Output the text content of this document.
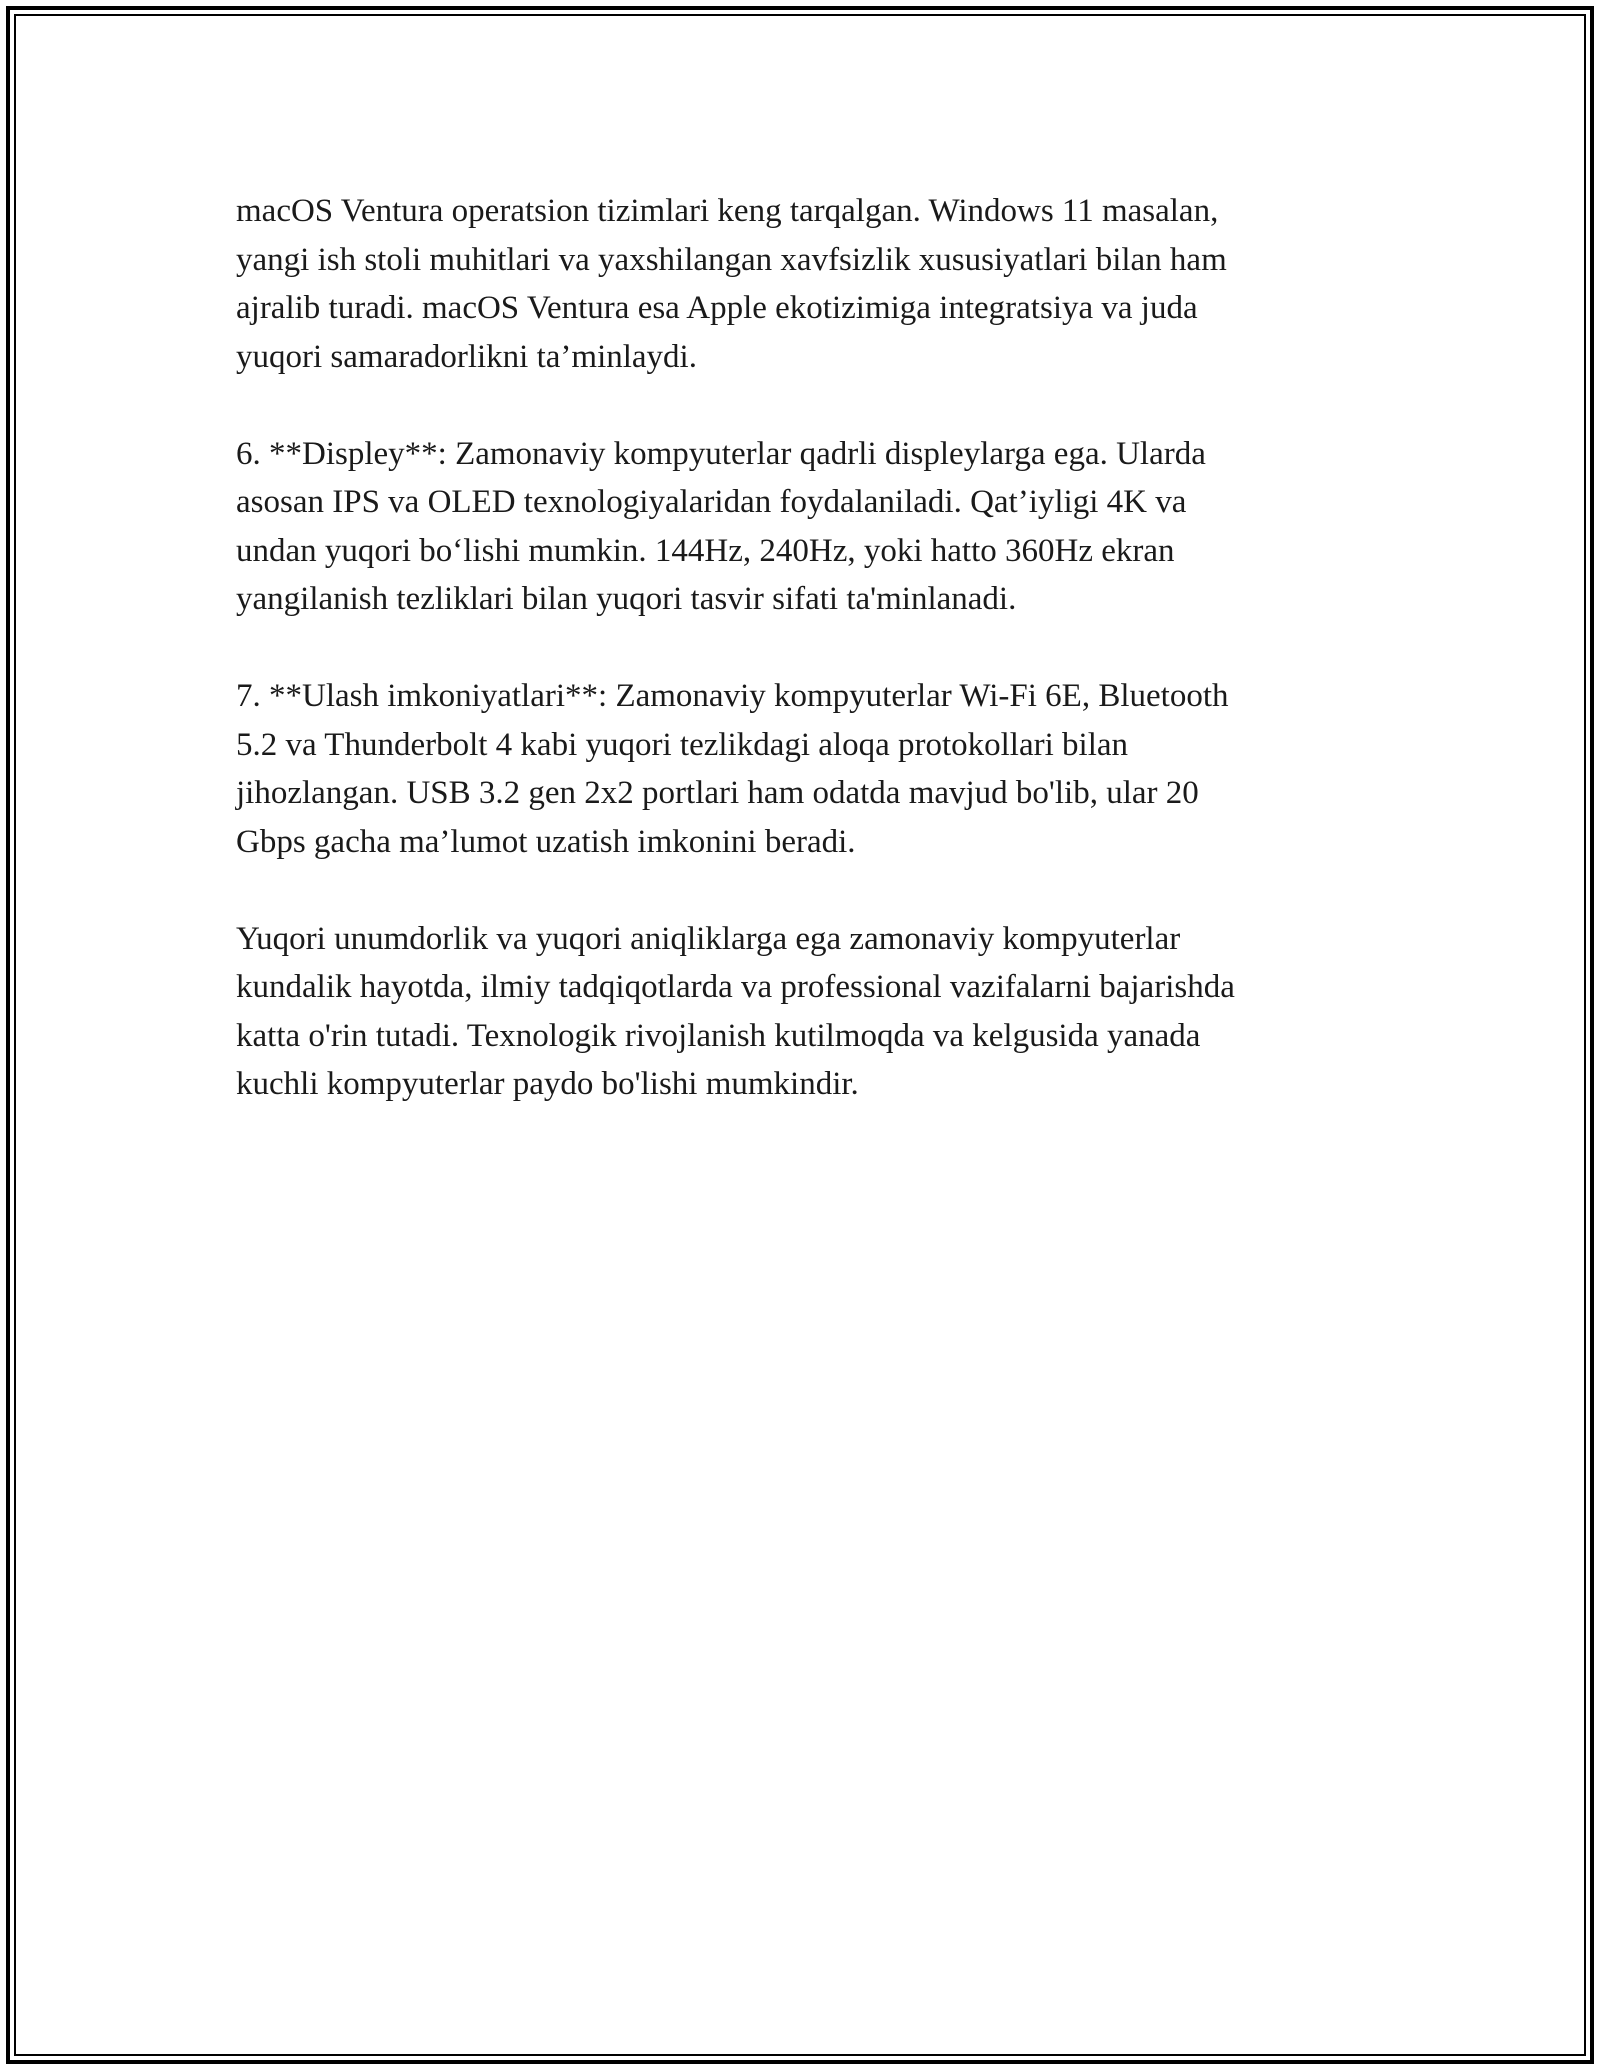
macOS Ventura operatsion tizimlari keng tarqalgan. Windows 11 masalan,
yangi ish stoli muhitlari va yaxshilangan xavfsizlik xususiyatlari bilan ham
ajralib turadi. macOS Ventura esa Apple ekotizimiga integratsiya va juda
yuqori samaradorlikni ta’minlaydi.

6. **Displey**: Zamonaviy kompyuterlar qadrli displeylarga ega. Ularda
asosan IPS va OLED texnologiyalaridan foydalaniladi. Qat’iyligi 4K va
undan yuqori bo‘lishi mumkin. 144Hz, 240Hz, yoki hatto 360Hz ekran
yangilanish tezliklari bilan yuqori tasvir sifati ta'minlanadi.

7. **Ulash imkoniyatlari**: Zamonaviy kompyuterlar Wi-Fi 6E, Bluetooth
5.2 va Thunderbolt 4 kabi yuqori tezlikdagi aloqa protokollari bilan
jihozlangan. USB 3.2 gen 2x2 portlari ham odatda mavjud bo'lib, ular 20
Gbps gacha ma’lumot uzatish imkonini beradi.

Yuqori unumdorlik va yuqori aniqliklarga ega zamonaviy kompyuterlar
kundalik hayotda, ilmiy tadqiqotlarda va professional vazifalarni bajarishda
katta o'rin tutadi. Texnologik rivojlanish kutilmoqda va kelgusida yanada
kuchli kompyuterlar paydo bo'lishi mumkindir.
